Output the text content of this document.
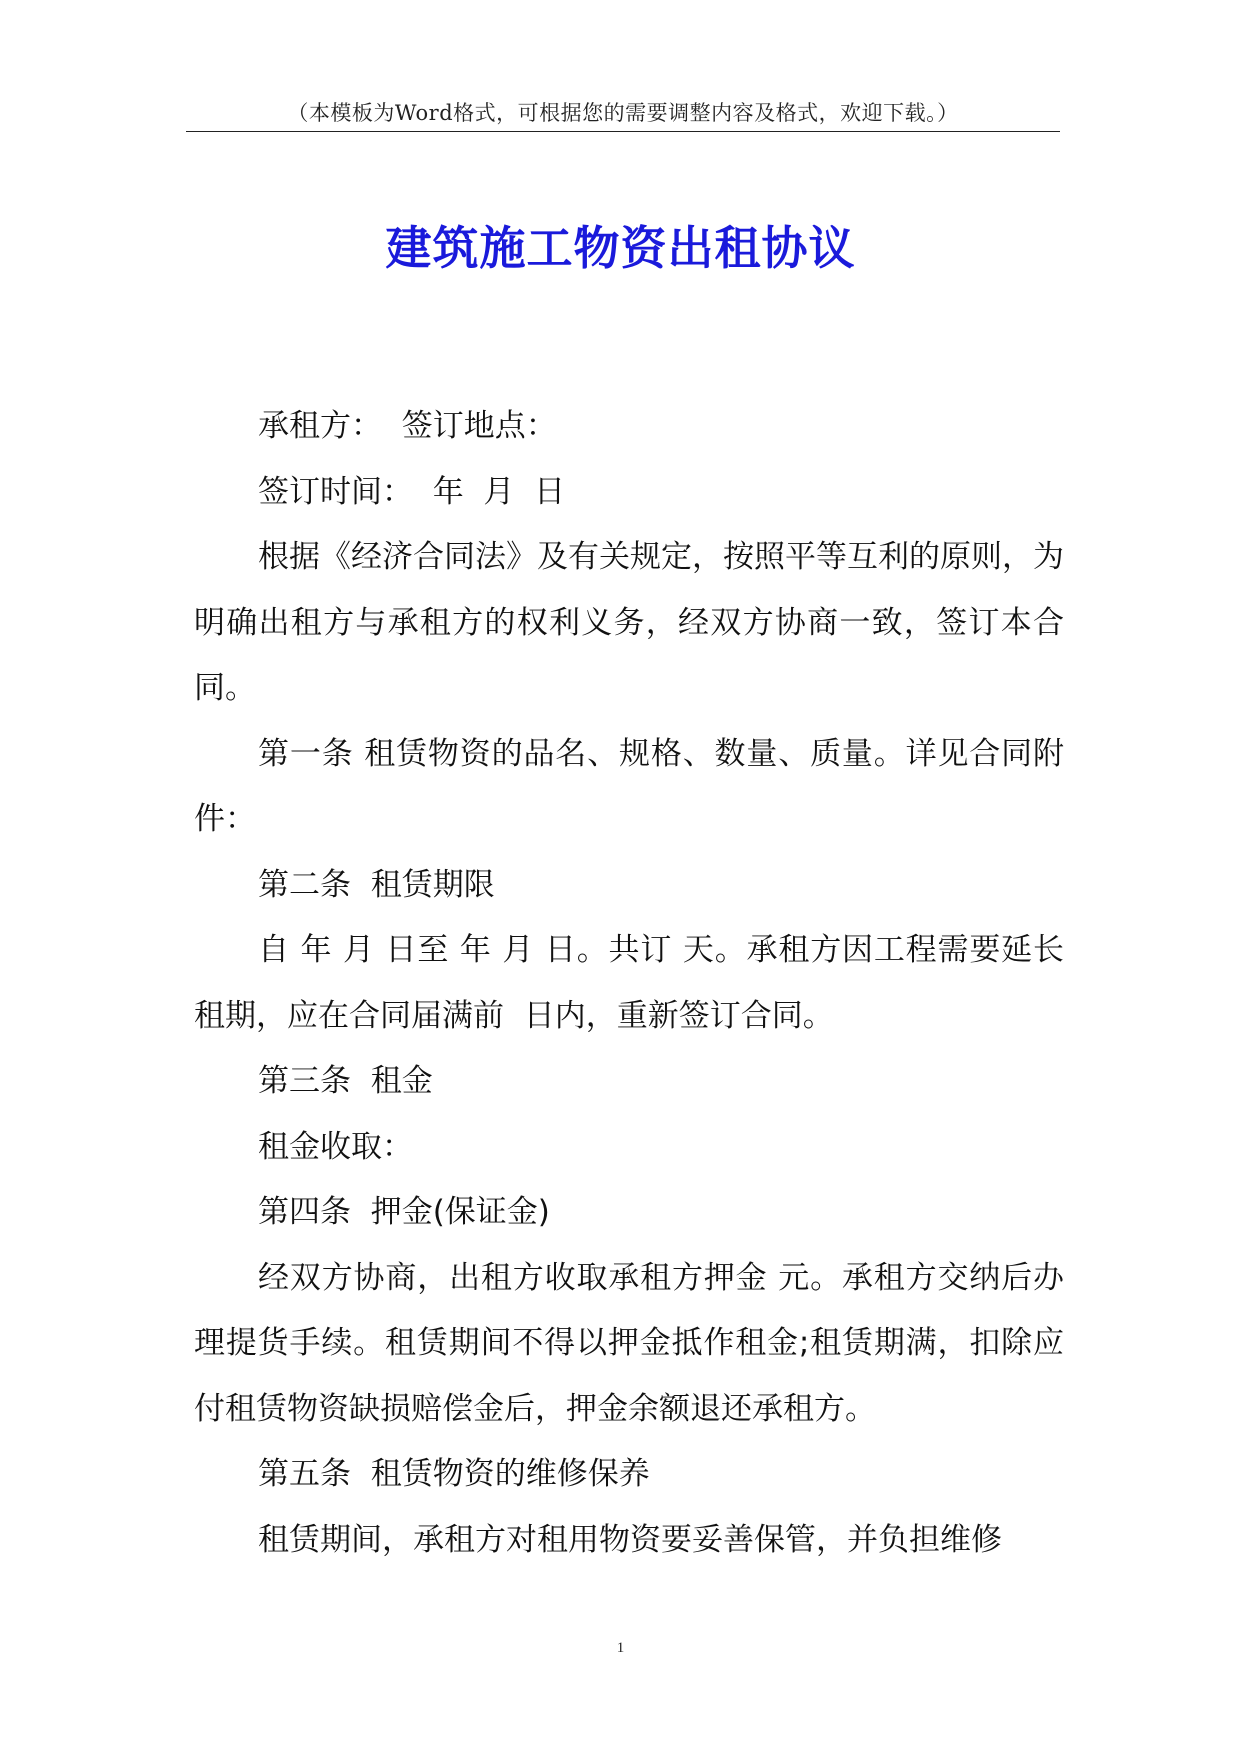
（本模板为Word格式，可根据您的需要调整内容及格式，欢迎下载。）
建筑施工物资出租协议

承租方：  签订地点：

签订时间：  年  月  日

根据《经济合同法》及有关规定，按照平等互利的原则，为明确出租方与承租方的权利义务，经双方协商一致，签订本合同。

第一条 租赁物资的品名、规格、数量、质量。详见合同附件：

第二条  租赁期限

自 年 月 日至 年 月 日。共订 天。承租方因工程需要延长租期，应在合同届满前  日内，重新签订合同。

第三条  租金

租金收取：

第四条  押金(保证金)

经双方协商，出租方收取承租方押金 元。承租方交纳后办理提货手续。租赁期间不得以押金抵作租金;租赁期满，扣除应付租赁物资缺损赔偿金后，押金余额退还承租方。

第五条  租赁物资的维修保养

租赁期间，承租方对租用物资要妥善保管，并负担维修

1
